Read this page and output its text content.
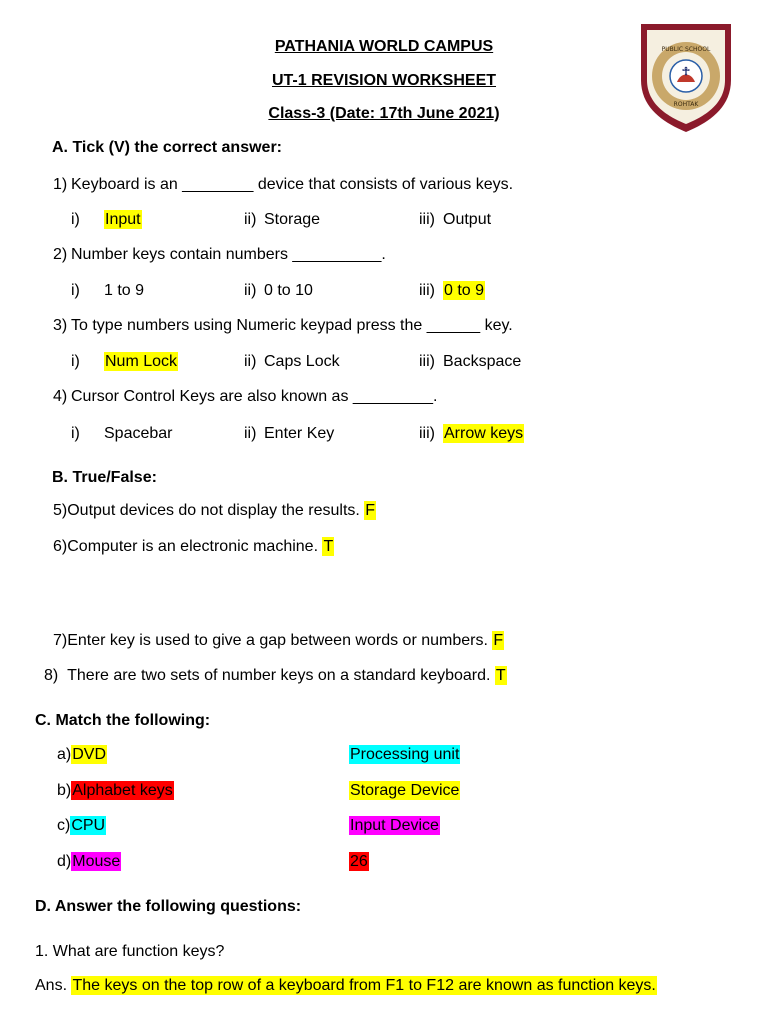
☥
PUBLIC SCHOOL
ROHTAK
PATHANIA WORLD CAMPUS
UT-1 REVISION WORKSHEET
Class-3 (Date: 17th June 2021)
A. Tick (V) the correct answer:
1) Keyboard is an ________ device that consists of various keys.
i) Input	ii) Storage	iii) Output
2) Number keys contain numbers __________.
i) 1 to 9	ii) 0 to 10	iii) 0 to 9
3) To type numbers using Numeric keypad press the ______ key.
i) Num Lock	ii) Caps Lock	iii) Backspace
4) Cursor Control Keys are also known as _________.
i) Spacebar	ii) Enter Key	iii) Arrow keys
B. True/False:
5)Output devices do not display the results. F
6)Computer is an electronic machine. T
7)Enter key is used to give a gap between words or numbers. F
8) There are two sets of number keys on a standard keyboard. T
C. Match the following:
a)DVD	Processing unit
b)Alphabet keys	Storage Device
c)CPU	Input Device
d)Mouse	26
D. Answer the following questions:
1. What are function keys?
Ans. The keys on the top row of a keyboard from F1 to F12 are known as function keys.
